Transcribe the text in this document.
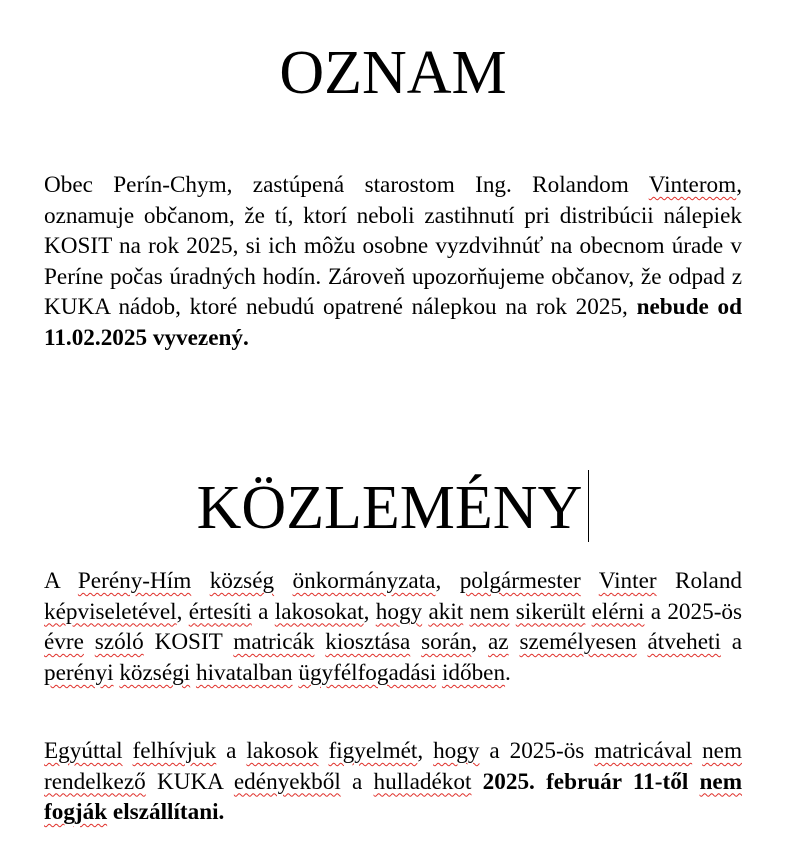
OZNAM

Obec Perín-Chym, zastúpená starostom Ing. Rolandom Vinterom, oznamuje občanom, že tí, ktorí neboli zastihnutí pri distribúcii nálepiek KOSIT na rok 2025, si ich môžu osobne vyzdvihnúť na obecnom úrade v Períne počas úradných hodín. Zároveň upozorňujeme občanov, že odpad z KUKA nádob, ktoré nebudú opatrené nálepkou na rok 2025, nebude od 11.02.2025 vyvezený.

KÖZLEMÉNY

A Perény-Hím község önkormányzata, polgármester Vinter Roland képviseletével, értesíti a lakosokat, hogy akit nem sikerült elérni a 2025-ös évre szóló KOSIT matricák kiosztása során, az személyesen átveheti a perényi községi hivatalban ügyfélfogadási időben.

Egyúttal felhívjuk a lakosok figyelmét, hogy a 2025-ös matricával nem rendelkező KUKA edényekből a hulladékot 2025. február 11-től nem fogják elszállítani.
